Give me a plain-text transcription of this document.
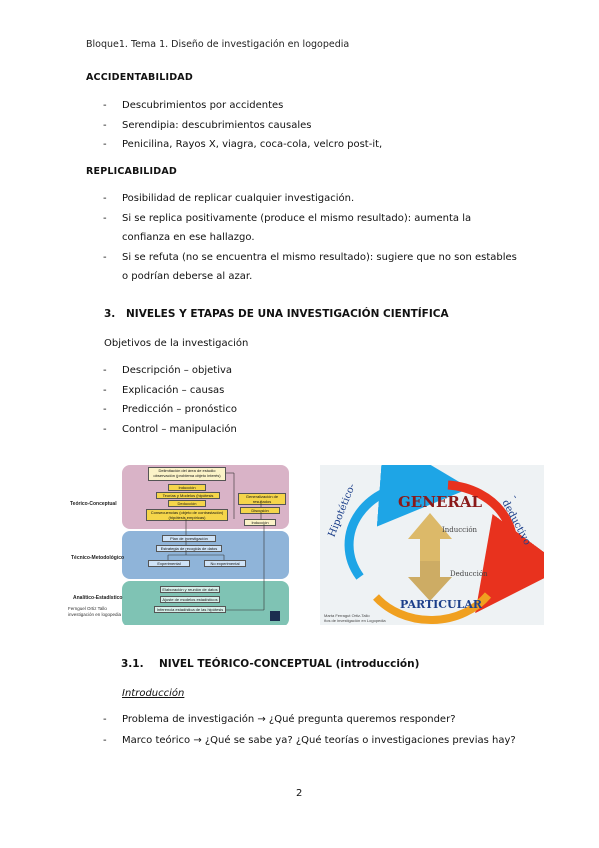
Bloque1. Tema 1. Diseño de investigación en logopedia
ACCIDENTABILIDAD
- Descubrimientos por accidentes
- Serendipia: descubrimientos causales
- Penicilina, Rayos X, viagra, coca-cola, velcro post-it,
REPLICABILIDAD
- Posibilidad de replicar cualquier investigación.
- Si se replica positivamente (produce el mismo resultado): aumenta la confianza en ese hallazgo.
- Si se refuta (no se encuentra el mismo resultado): sugiere que no son estables o podrían deberse al azar.
3. NIVELES Y ETAPAS DE UNA INVESTIGACIÓN CIENTÍFICA
Objetivos de la investigación
- Descripción – objetiva
- Explicación – causas
- Predicción – pronóstico
- Control – manipulación
Teórico-Conceptual
Técnico-Metodológico
Analítico-Estadístico
Delimitación del área de estudio observación (problema objeto interés)
Inducción
Teorías y Modelos (hipótesis
Deducción
Consecuencias (objeto de contrastación) (hipótesis empíricas)
Generalización de resultados
Discusión
Inducción
Plan de investigación
Estrategia de recogida de datos
Experimental	No experimental
Elaboración y reunión de datos
Ajuste de modelos estadísticos
Inferencia estadística de las hipótesis
Fernguel Ortiz Tallo
investigación en logopedia
GENERAL
Inducción
Deducción
PARTICULAR
Hipotético-	-deductivo
Marta Ferragut Ortiz-Tallo
ños de investigación en Logopedia
3.1. NIVEL TEÓRICO-CONCEPTUAL (introducción)
Introducción
- Problema de investigación → ¿Qué pregunta queremos responder?
- Marco teórico → ¿Qué se sabe ya? ¿Qué teorías o investigaciones previas hay?
2
